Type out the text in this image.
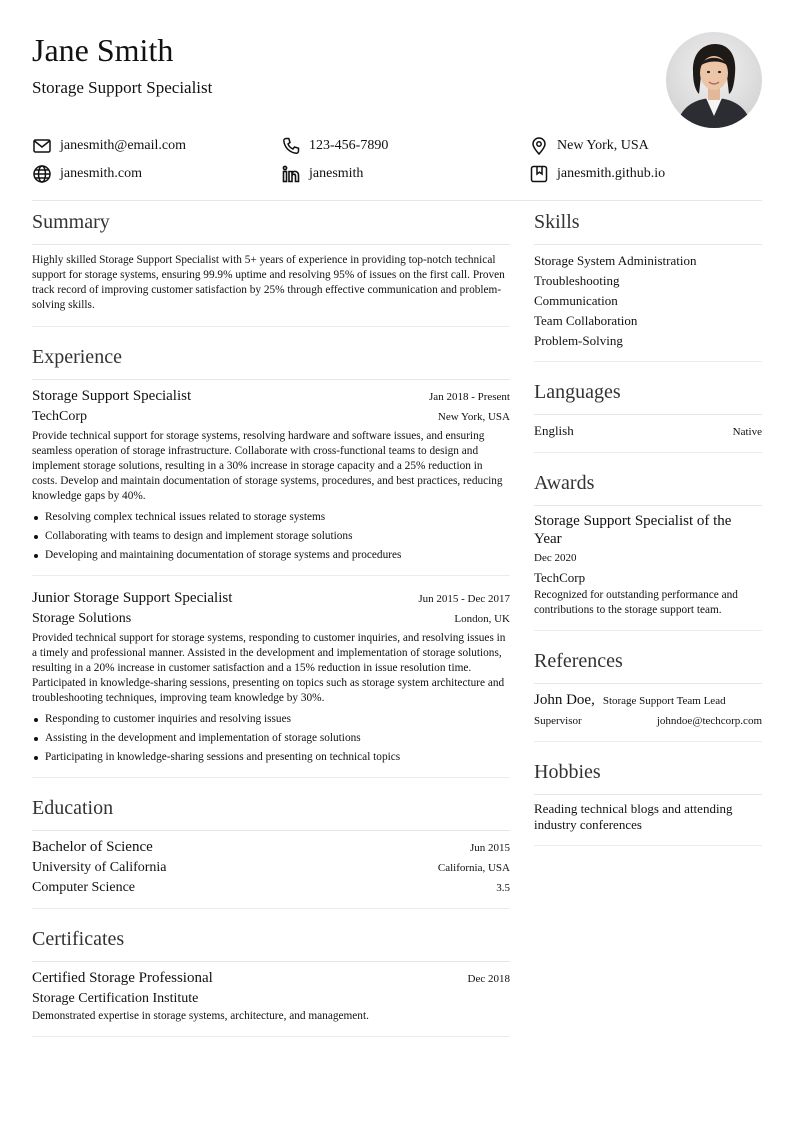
Jane Smith
Storage Support Specialist
janesmith@email.com	123-456-7890	New York, USA
janesmith.com	janesmith	janesmith.github.io
Summary
Highly skilled Storage Support Specialist with 5+ years of experience in providing top-notch technical support for storage systems, ensuring 99.9% uptime and resolving 95% of issues on the first call. Proven track record of improving customer satisfaction by 25% through effective communication and problem-solving skills.
Experience
Storage Support Specialist	Jan 2018 - Present
TechCorp	New York, USA
Provide technical support for storage systems, resolving hardware and software issues, and ensuring seamless operation of storage infrastructure. Collaborate with cross-functional teams to design and implement storage solutions, resulting in a 30% increase in storage capacity and a 25% reduction in costs. Develop and maintain documentation of storage systems, procedures, and best practices, reducing knowledge gaps by 40%.
Resolving complex technical issues related to storage systems
Collaborating with teams to design and implement storage solutions
Developing and maintaining documentation of storage systems and procedures
Junior Storage Support Specialist	Jun 2015 - Dec 2017
Storage Solutions	London, UK
Provided technical support for storage systems, responding to customer inquiries, and resolving issues in a timely and professional manner. Assisted in the development and implementation of storage solutions, resulting in a 20% increase in customer satisfaction and a 15% reduction in issue resolution time. Participated in knowledge-sharing sessions, presenting on topics such as storage system architecture and troubleshooting techniques, improving team knowledge by 30%.
Responding to customer inquiries and resolving issues
Assisting in the development and implementation of storage solutions
Participating in knowledge-sharing sessions and presenting on technical topics
Education
Bachelor of Science	Jun 2015
University of California	California, USA
Computer Science	3.5
Certificates
Certified Storage Professional	Dec 2018
Storage Certification Institute
Demonstrated expertise in storage systems, architecture, and management.
Skills
Storage System Administration
Troubleshooting
Communication
Team Collaboration
Problem-Solving
Languages
English	Native
Awards
Storage Support Specialist of the Year
Dec 2020
TechCorp
Recognized for outstanding performance and contributions to the storage support team.
References
John Doe, Storage Support Team Lead
Supervisor	johndoe@techcorp.com
Hobbies
Reading technical blogs and attending industry conferences
